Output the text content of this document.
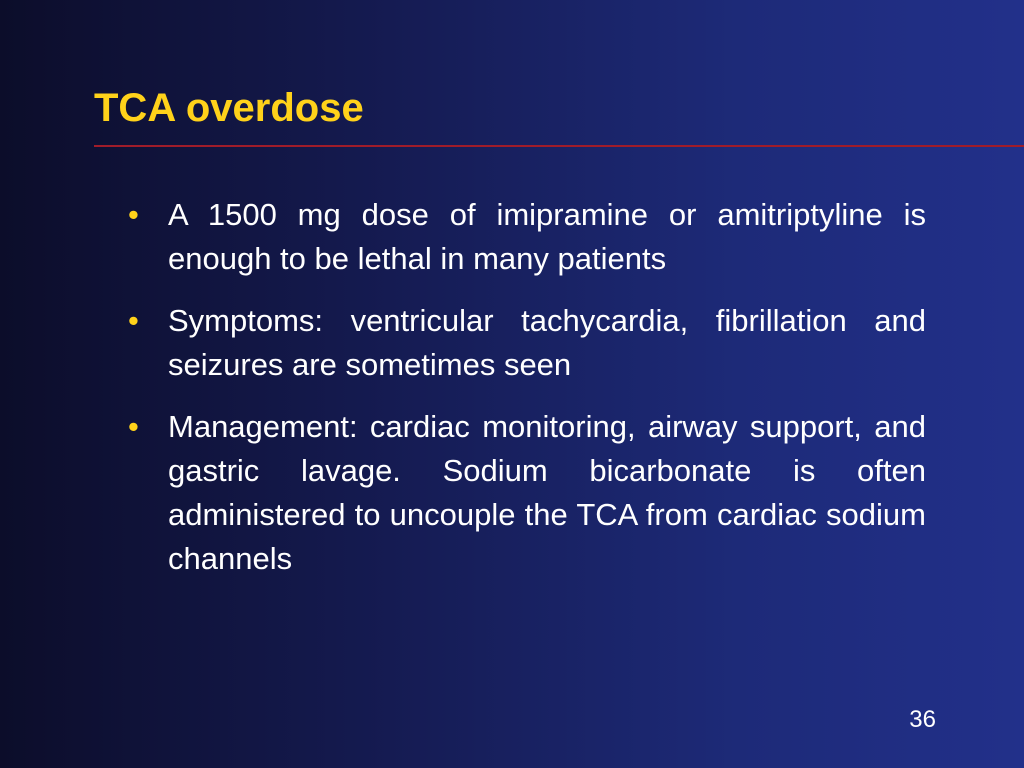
TCA overdose
• A 1500 mg dose of imipramine or amitriptyline is enough to be lethal in many patients
• Symptoms: ventricular tachycardia, fibrillation and seizures are sometimes seen
• Management: cardiac monitoring, airway support, and gastric lavage. Sodium bicarbonate is often administered to uncouple the TCA from cardiac sodium channels
36
